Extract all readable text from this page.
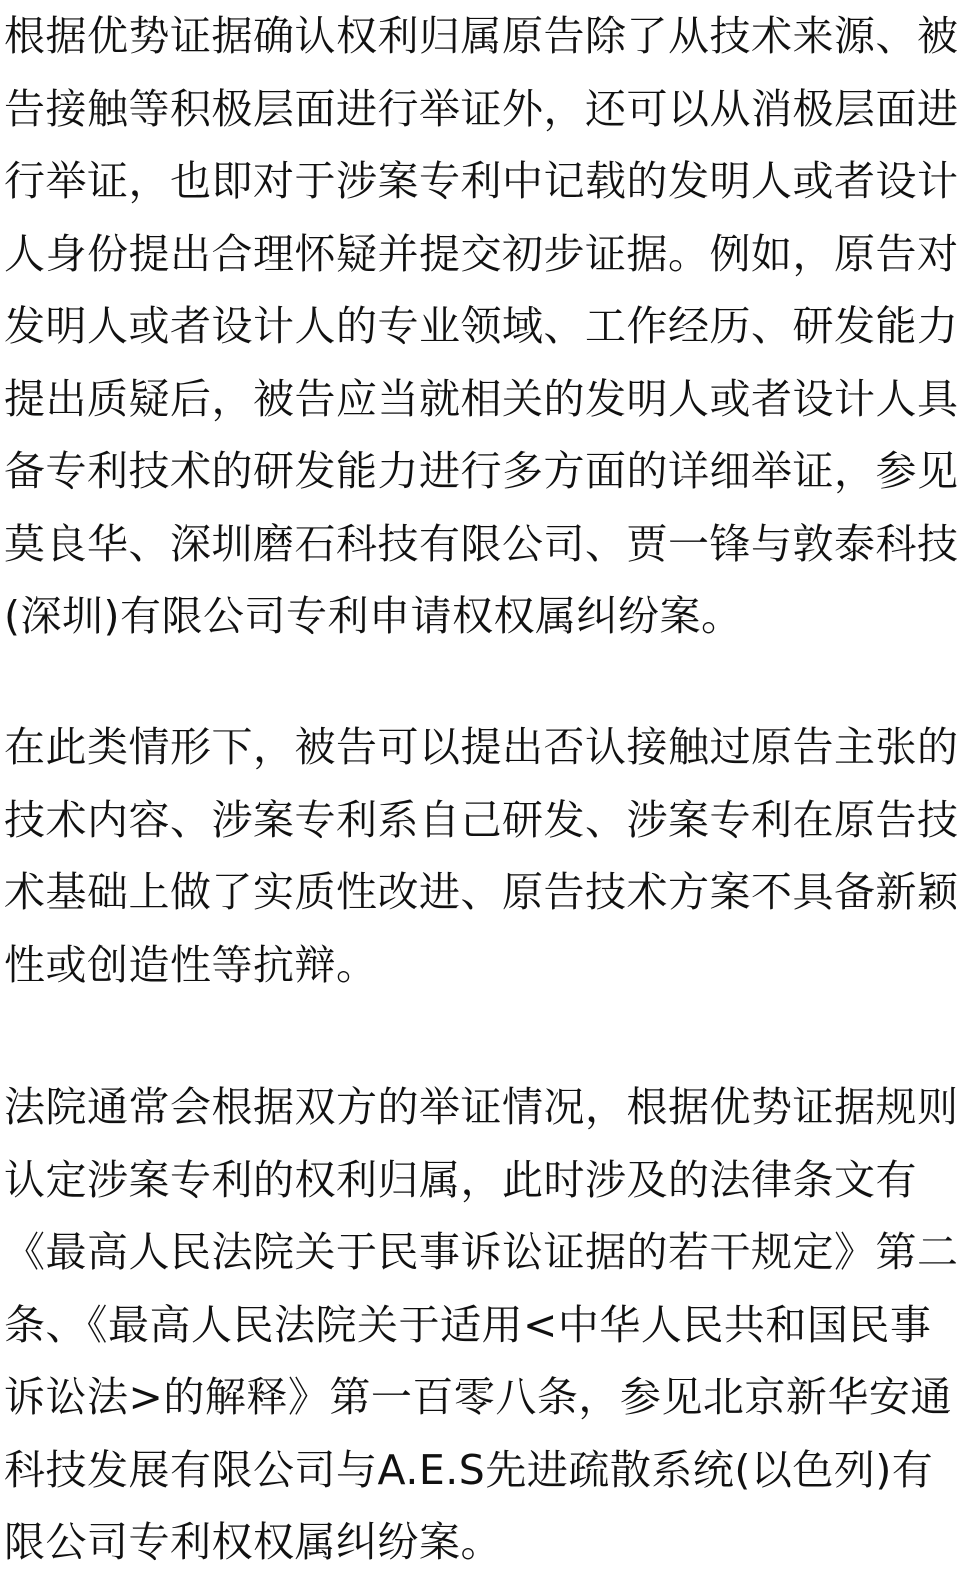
根据优势证据确认权利归属原告除了从技术来源、被
告接触等积极层面进行举证外，还可以从消极层面进
行举证，也即对于涉案专利中记载的发明人或者设计
人身份提出合理怀疑并提交初步证据。例如，原告对
发明人或者设计人的专业领域、工作经历、研发能力
提出质疑后，被告应当就相关的发明人或者设计人具
备专利技术的研发能力进行多方面的详细举证，参见
莫良华、深圳磨石科技有限公司、贾一锋与敦泰科技
(深圳)有限公司专利申请权权属纠纷案。

在此类情形下，被告可以提出否认接触过原告主张的
技术内容、涉案专利系自己研发、涉案专利在原告技
术基础上做了实质性改进、原告技术方案不具备新颖
性或创造性等抗辩。

法院通常会根据双方的举证情况，根据优势证据规则
认定涉案专利的权利归属，此时涉及的法律条文有
《最高人民法院关于民事诉讼证据的若干规定》第二
条、《最高人民法院关于适用<中华人民共和国民事
诉讼法>的解释》第一百零八条，参见北京新华安通
科技发展有限公司与A.E.S先进疏散系统(以色列)有
限公司专利权权属纠纷案。
